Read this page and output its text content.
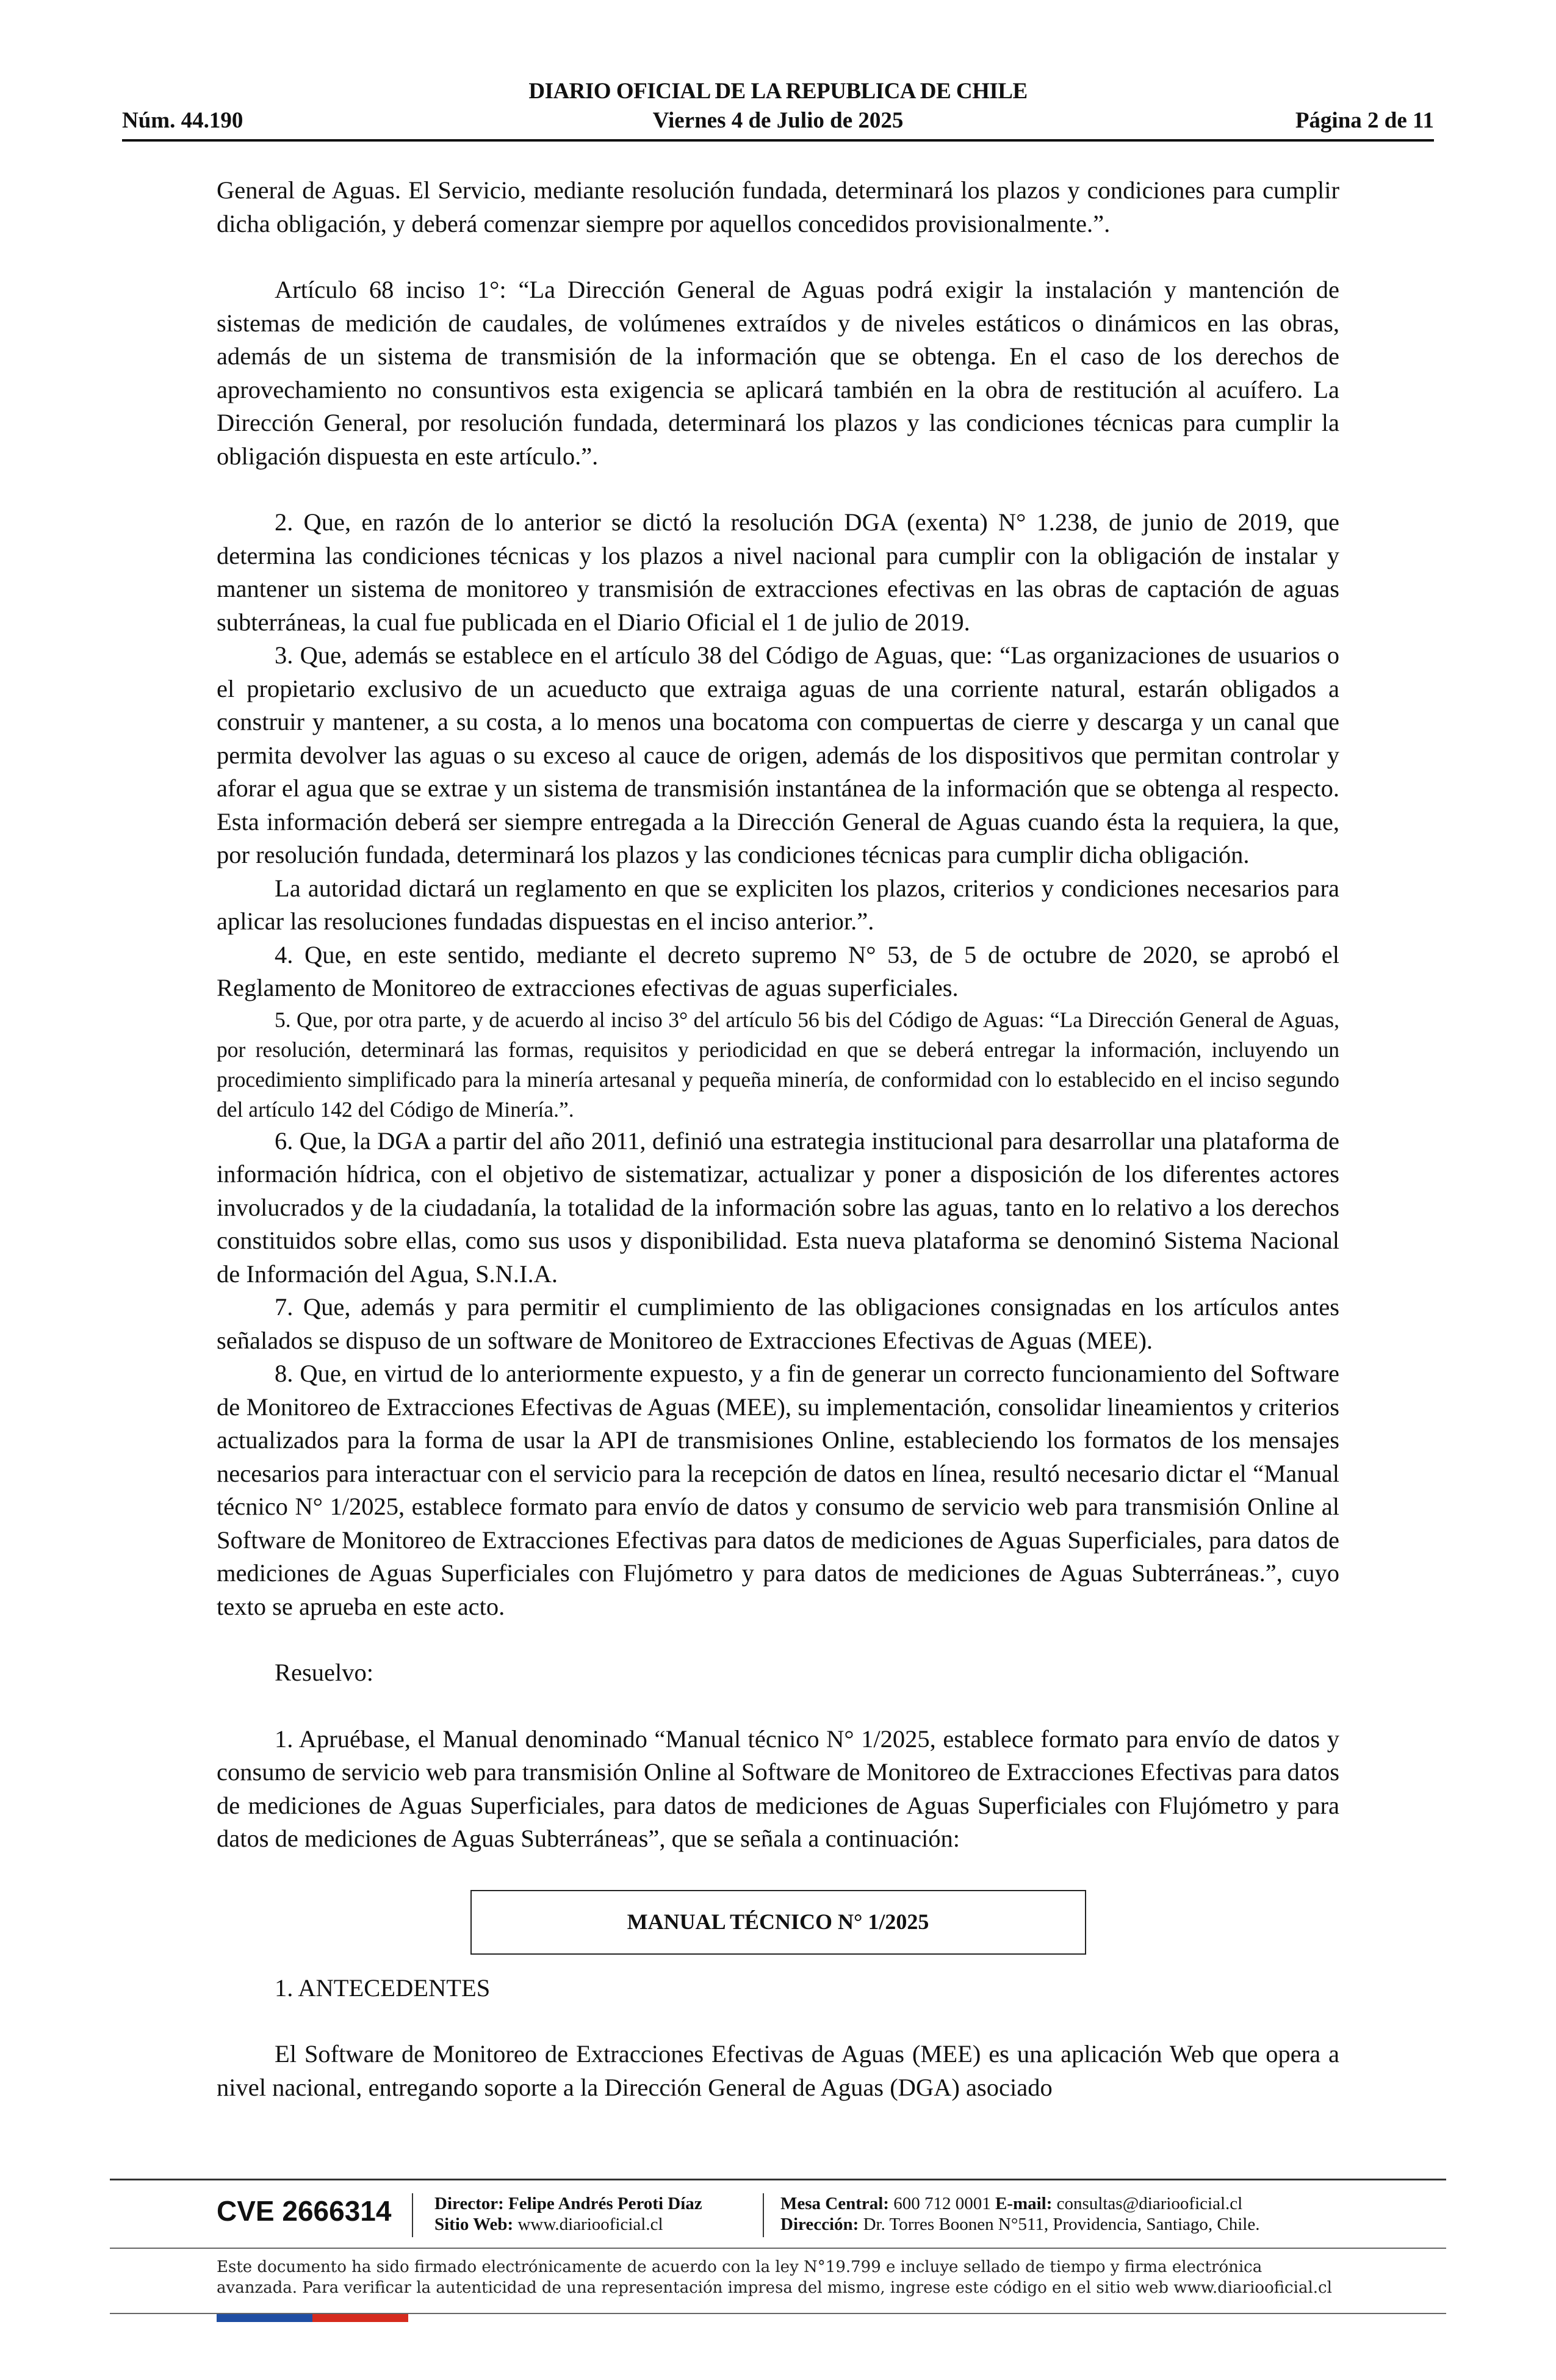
DIARIO OFICIAL DE LA REPUBLICA DE CHILE
Núm. 44.190	Viernes 4 de Julio de 2025	Página 2 de 11

General de Aguas. El Servicio, mediante resolución fundada, determinará los plazos y condiciones para cumplir dicha obligación, y deberá comenzar siempre por aquellos concedidos provisionalmente.”.

Artículo 68 inciso 1°: “La Dirección General de Aguas podrá exigir la instalación y mantención de sistemas de medición de caudales, de volúmenes extraídos y de niveles estáticos o dinámicos en las obras, además de un sistema de transmisión de la información que se obtenga. En el caso de los derechos de aprovechamiento no consuntivos esta exigencia se aplicará también en la obra de restitución al acuífero. La Dirección General, por resolución fundada, determinará los plazos y las condiciones técnicas para cumplir la obligación dispuesta en este artículo.”.

2. Que, en razón de lo anterior se dictó la resolución DGA (exenta) N° 1.238, de junio de 2019, que determina las condiciones técnicas y los plazos a nivel nacional para cumplir con la obligación de instalar y mantener un sistema de monitoreo y transmisión de extracciones efectivas en las obras de captación de aguas subterráneas, la cual fue publicada en el Diario Oficial el 1 de julio de 2019.

3. Que, además se establece en el artículo 38 del Código de Aguas, que: “Las organizaciones de usuarios o el propietario exclusivo de un acueducto que extraiga aguas de una corriente natural, estarán obligados a construir y mantener, a su costa, a lo menos una bocatoma con compuertas de cierre y descarga y un canal que permita devolver las aguas o su exceso al cauce de origen, además de los dispositivos que permitan controlar y aforar el agua que se extrae y un sistema de transmisión instantánea de la información que se obtenga al respecto. Esta información deberá ser siempre entregada a la Dirección General de Aguas cuando ésta la requiera, la que, por resolución fundada, determinará los plazos y las condiciones técnicas para cumplir dicha obligación.

La autoridad dictará un reglamento en que se expliciten los plazos, criterios y condiciones necesarios para aplicar las resoluciones fundadas dispuestas en el inciso anterior.”.

4. Que, en este sentido, mediante el decreto supremo N° 53, de 5 de octubre de 2020, se aprobó el Reglamento de Monitoreo de extracciones efectivas de aguas superficiales.

5. Que, por otra parte, y de acuerdo al inciso 3° del artículo 56 bis del Código de Aguas: “La Dirección General de Aguas, por resolución, determinará las formas, requisitos y periodicidad en que se deberá entregar la información, incluyendo un procedimiento simplificado para la minería artesanal y pequeña minería, de conformidad con lo establecido en el inciso segundo del artículo 142 del Código de Minería.”.

6. Que, la DGA a partir del año 2011, definió una estrategia institucional para desarrollar una plataforma de información hídrica, con el objetivo de sistematizar, actualizar y poner a disposición de los diferentes actores involucrados y de la ciudadanía, la totalidad de la información sobre las aguas, tanto en lo relativo a los derechos constituidos sobre ellas, como sus usos y disponibilidad. Esta nueva plataforma se denominó Sistema Nacional de Información del Agua, S.N.I.A.

7. Que, además y para permitir el cumplimiento de las obligaciones consignadas en los artículos antes señalados se dispuso de un software de Monitoreo de Extracciones Efectivas de Aguas (MEE).

8. Que, en virtud de lo anteriormente expuesto, y a fin de generar un correcto funcionamiento del Software de Monitoreo de Extracciones Efectivas de Aguas (MEE), su implementación, consolidar lineamientos y criterios actualizados para la forma de usar la API de transmisiones Online, estableciendo los formatos de los mensajes necesarios para interactuar con el servicio para la recepción de datos en línea, resultó necesario dictar el “Manual técnico N° 1/2025, establece formato para envío de datos y consumo de servicio web para transmisión Online al Software de Monitoreo de Extracciones Efectivas para datos de mediciones de Aguas Superficiales, para datos de mediciones de Aguas Superficiales con Flujómetro y para datos de mediciones de Aguas Subterráneas.”, cuyo texto se aprueba en este acto.

Resuelvo:

1. Apruébase, el Manual denominado “Manual técnico N° 1/2025, establece formato para envío de datos y consumo de servicio web para transmisión Online al Software de Monitoreo de Extracciones Efectivas para datos de mediciones de Aguas Superficiales, para datos de mediciones de Aguas Superficiales con Flujómetro y para datos de mediciones de Aguas Subterráneas”, que se señala a continuación:

MANUAL TÉCNICO N° 1/2025

1. ANTECEDENTES

El Software de Monitoreo de Extracciones Efectivas de Aguas (MEE) es una aplicación Web que opera a nivel nacional, entregando soporte a la Dirección General de Aguas (DGA) asociado

CVE 2666314 Director: Felipe Andrés Peroti Díaz
Sitio Web: www.diariooficial.cl
Mesa Central: 600 712 0001 E-mail: consultas@diariooficial.cl
Dirección: Dr. Torres Boonen N°511, Providencia, Santiago, Chile.
Este documento ha sido firmado electrónicamente de acuerdo con la ley N°19.799 e incluye sellado de tiempo y firma electrónica
avanzada. Para verificar la autenticidad de una representación impresa del mismo, ingrese este código en el sitio web www.diariooficial.cl
